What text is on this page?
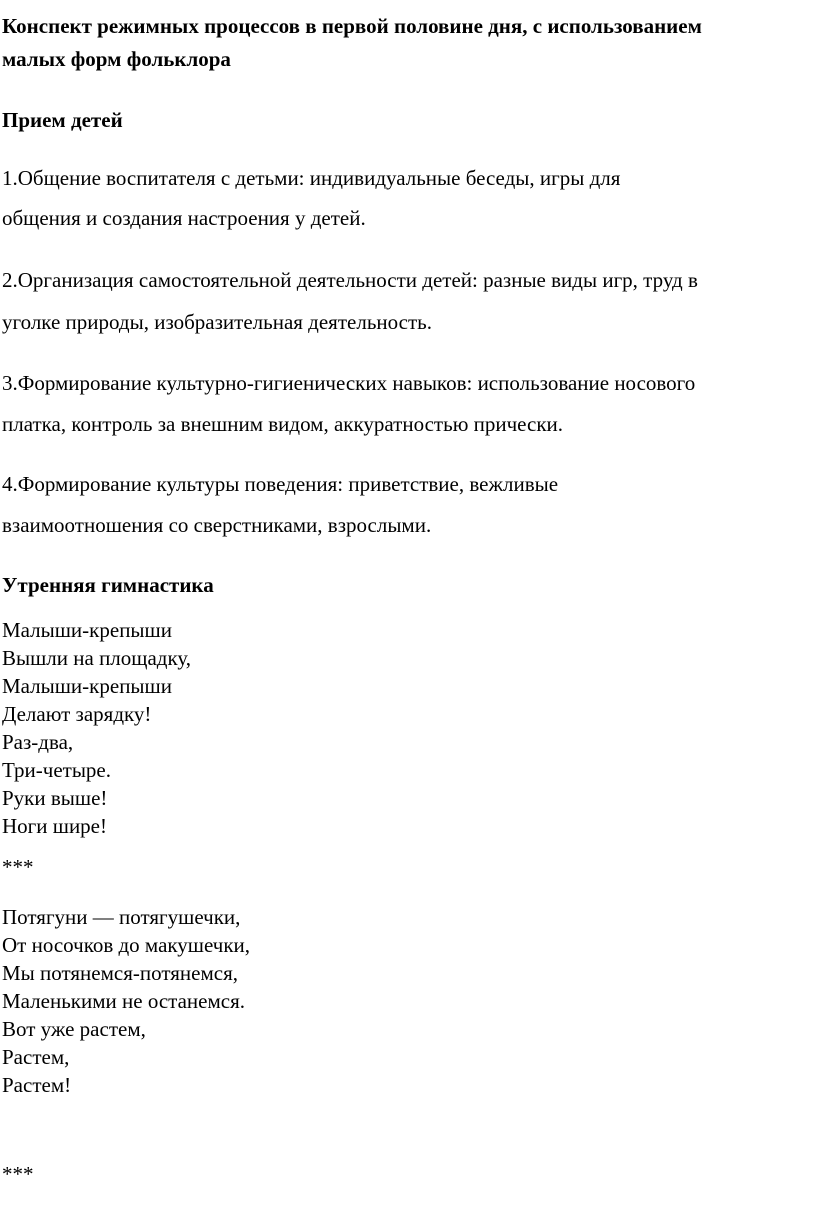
Конспект режимных процессов в первой половине дня, с использованием
малых форм фольклора
Прием детей
1.Общение воспитателя с детьми: индивидуальные беседы, игры для
общения и создания настроения у детей.
2.Организация самостоятельной деятельности детей: разные виды игр, труд в
уголке природы, изобразительная деятельность.
3.Формирование культурно-гигиенических навыков: использование носового
платка, контроль за внешним видом, аккуратностью прически.
4.Формирование культуры поведения: приветствие, вежливые
взаимоотношения со сверстниками, взрослыми.
Утренняя гимнастика
Малыши-крепыши
Вышли на площадку,
Малыши-крепыши
Делают зарядку!
Раз-два,
Три-четыре.
Руки выше!
Ноги шире!
***
Потягуни — потягушечки,
От носочков до макушечки,
Мы потянемся-потянемся,
Маленькими не останемся.
Вот уже растем,
Растем,
Растем!
***
